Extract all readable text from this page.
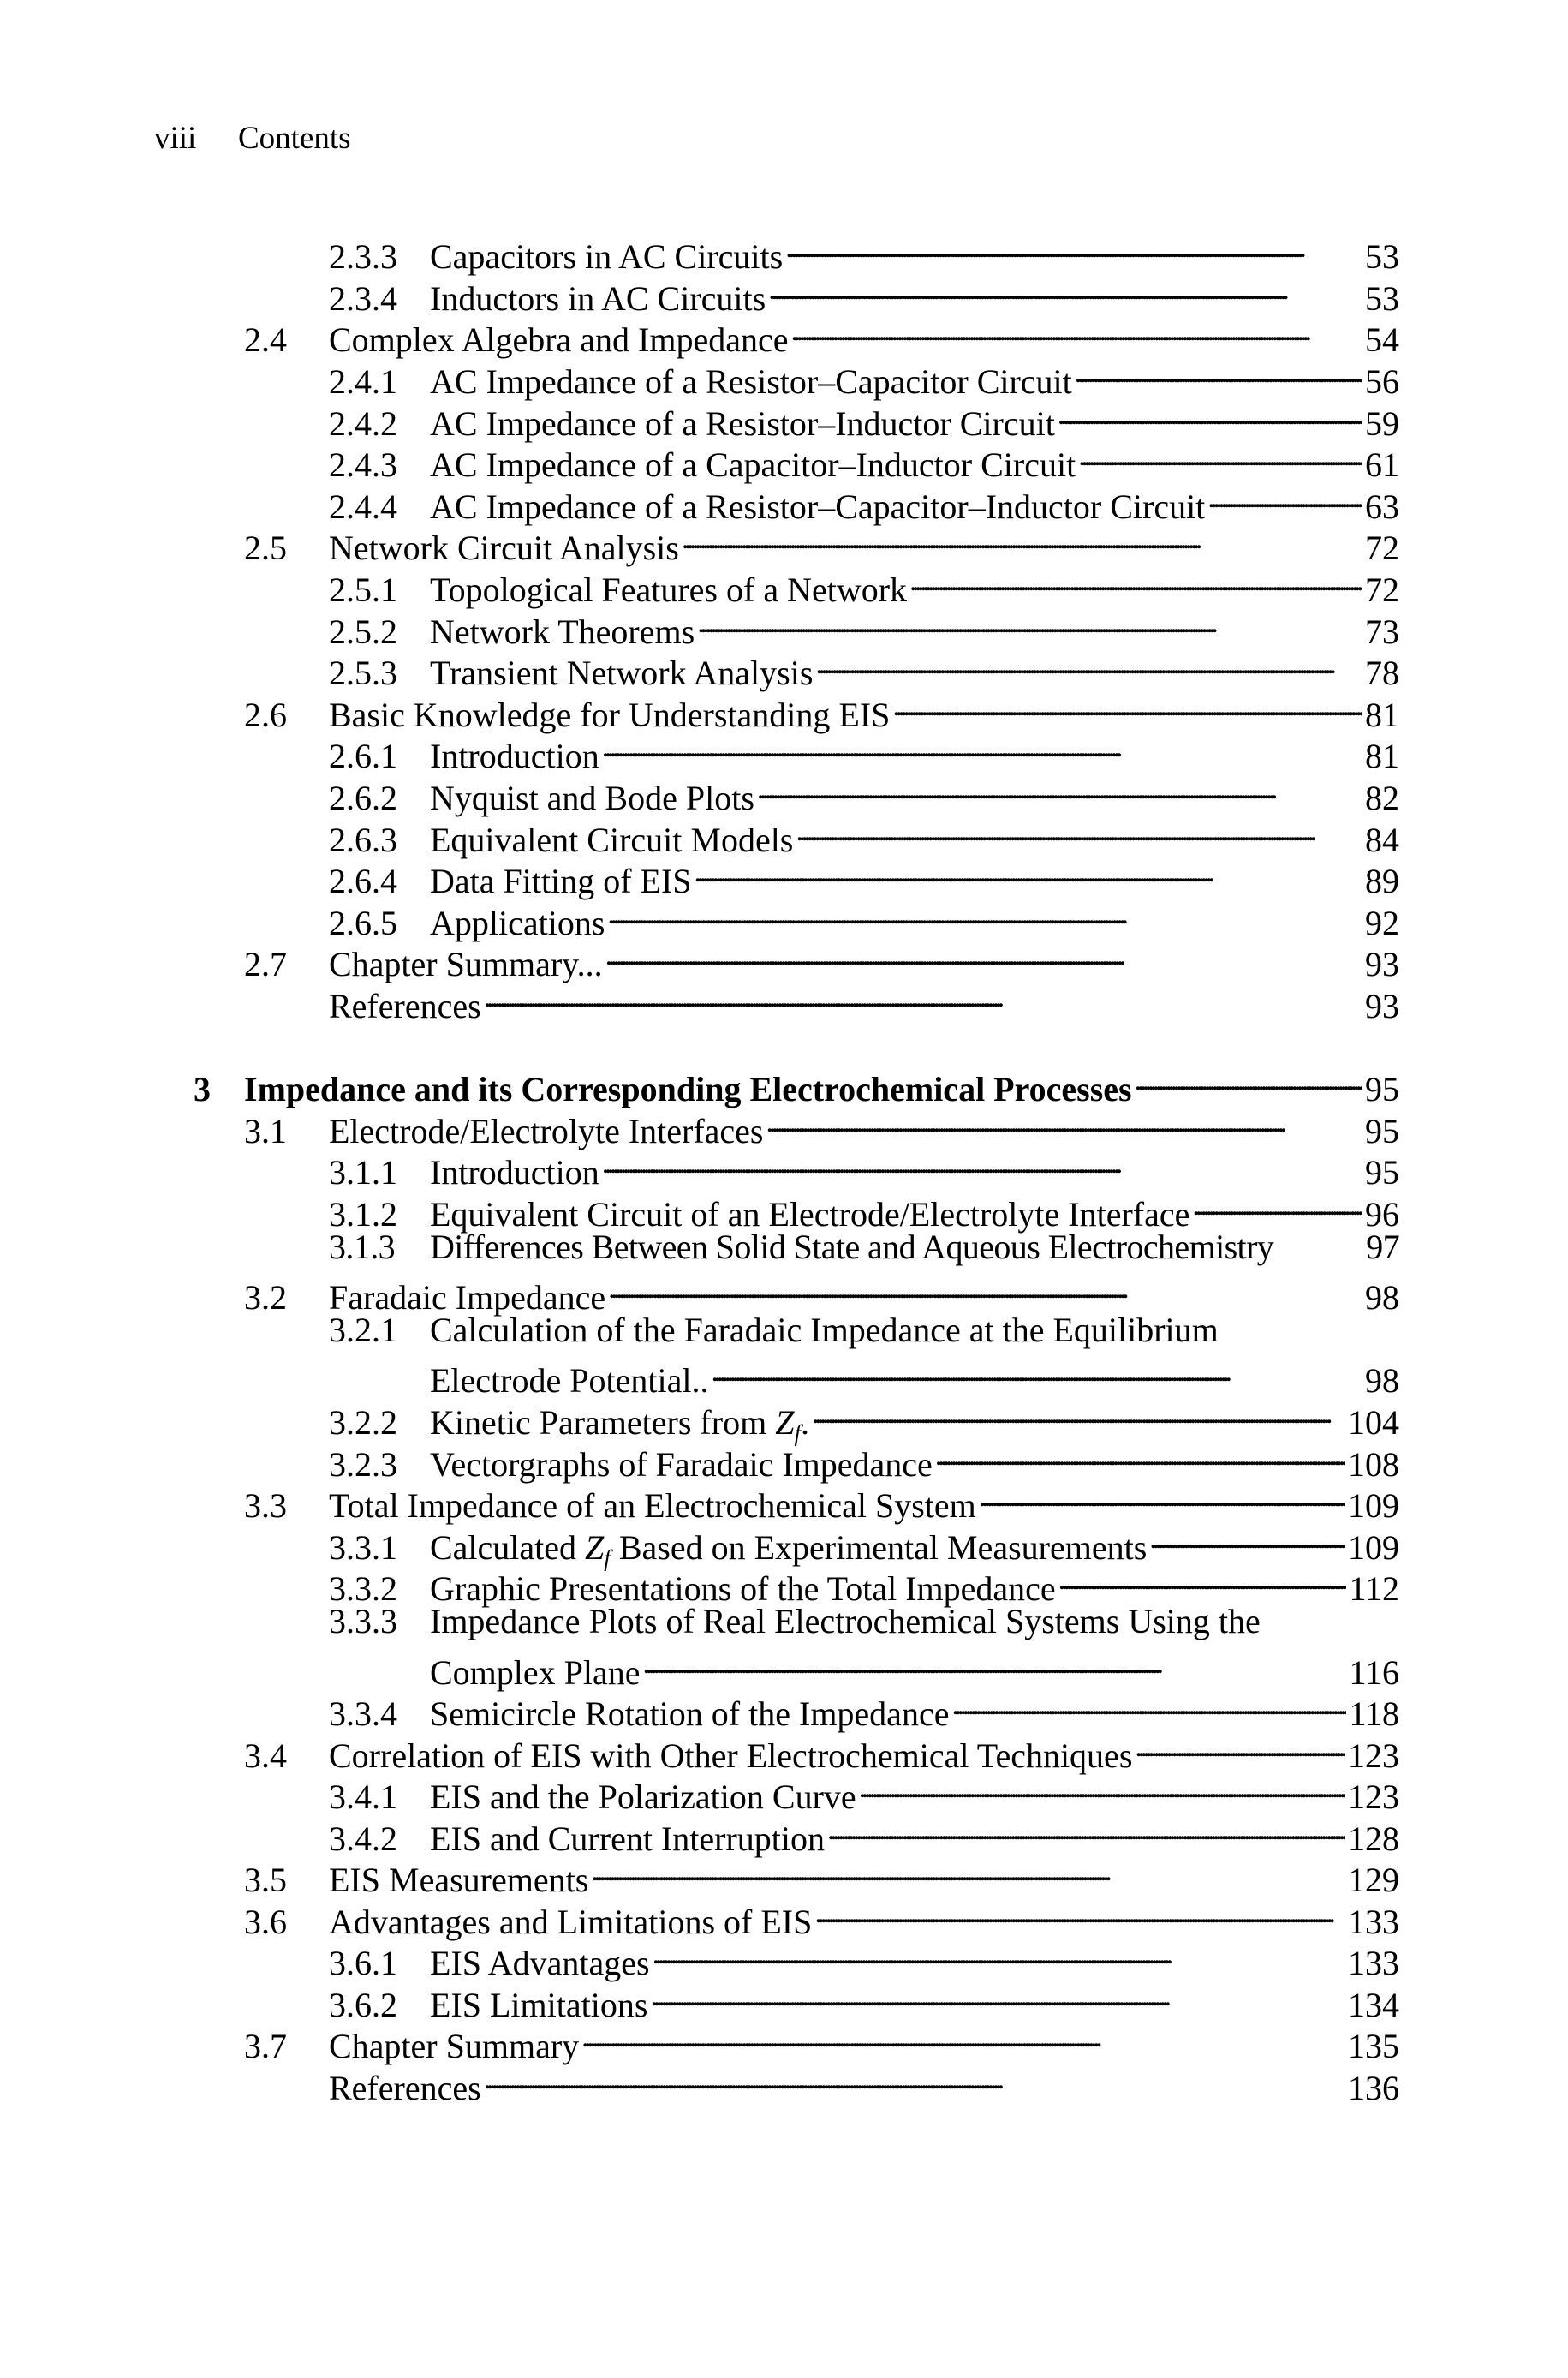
viii Contents
2.3.3 Capacitors in AC Circuits . . .	53
2.3.4 Inductors in AC Circuits . . .	53
2.4	Complex Algebra and Impedance . . .	54
2.4.1 AC Impedance of a Resistor–Capacitor Circuit . . .	56
2.4.2 AC Impedance of a Resistor–Inductor Circuit . . .	59
2.4.3 AC Impedance of a Capacitor–Inductor Circuit . . .	61
2.4.4 AC Impedance of a Resistor–Capacitor–Inductor Circuit . . .	63
2.5	Network Circuit Analysis . . .	72
2.5.1 Topological Features of a Network . . .	72
2.5.2 Network Theorems . . .	73
2.5.3 Transient Network Analysis . . .	78
2.6	Basic Knowledge for Understanding EIS . . .	81
2.6.1 Introduction . . .	81
2.6.2 Nyquist and Bode Plots . . .	82
2.6.3 Equivalent Circuit Models . . .	84
2.6.4 Data Fitting of EIS . . .	89
2.6.5 Applications . . .	92
2.7	Chapter Summary... . . .	93
References . . .	93
3 Impedance and its Corresponding Electrochemical Processes . . .	95
3.1	Electrode/Electrolyte Interfaces . . .	95
3.1.1 Introduction . . .	95
3.1.2 Equivalent Circuit of an Electrode/Electrolyte Interface . . .	96
3.1.3	Differences Between Solid State and Aqueous Electrochemistry	97
3.2	Faradaic Impedance . . .	98
3.2.1 Calculation of the Faradaic Impedance at the Equilibrium
Electrode Potential.. . . .	98
3.2.2 Kinetic Parameters from $Z_f$. . . .	104
3.2.3 Vectorgraphs of Faradaic Impedance . . .	108
3.3	Total Impedance of an Electrochemical System . . .	109
3.3.1 Calculated $Z_f$ Based on Experimental Measurements . . .	109
3.3.2 Graphic Presentations of the Total Impedance . . .	112
3.3.3 Impedance Plots of Real Electrochemical Systems Using the
Complex Plane . . .	116
3.3.4 Semicircle Rotation of the Impedance . . .	118
3.4	Correlation of EIS with Other Electrochemical Techniques . . .	123
3.4.1 EIS and the Polarization Curve . . .	123
3.4.2 EIS and Current Interruption . . .	128
3.5	EIS Measurements . . .	129
3.6	Advantages and Limitations of EIS . . .	133
3.6.1 EIS Advantages . . .	133
3.6.2 EIS Limitations . . .	134
3.7	Chapter Summary . . .	135
References . . .	136
